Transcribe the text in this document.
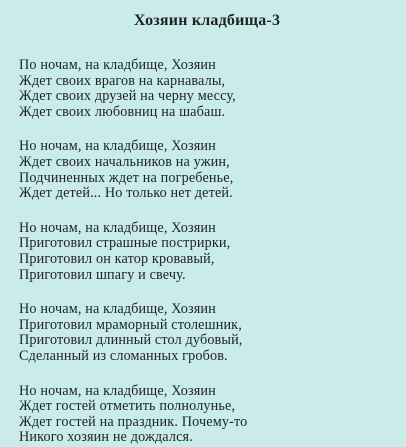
Хозяин кладбища-3
По ночам, на кладбище, Хозяин
Ждет своих врагов на карнавалы,
Ждет своих друзей на черну мессу,
Ждет своих любовниц на шабаш.
Но ночам, на кладбище, Хозяин
Ждет своих начальников на ужин,
Подчиненных ждет на погребенье,
Ждет детей... Но только нет детей.
Но ночам, на кладбище, Хозяин
Приготовил страшные пострирки,
Приготовил он катор кровавый,
Приготовил шпагу и свечу.
Но ночам, на кладбище, Хозяин
Приготовил мраморный столешник,
Приготовил длинный стол дубовый,
Сделанный из сломанных гробов.
Но ночам, на кладбище, Хозяин
Ждет гостей отметить полнолунье,
Ждет гостей на праздник. Почему-то
Никого хозяин не дождался.
